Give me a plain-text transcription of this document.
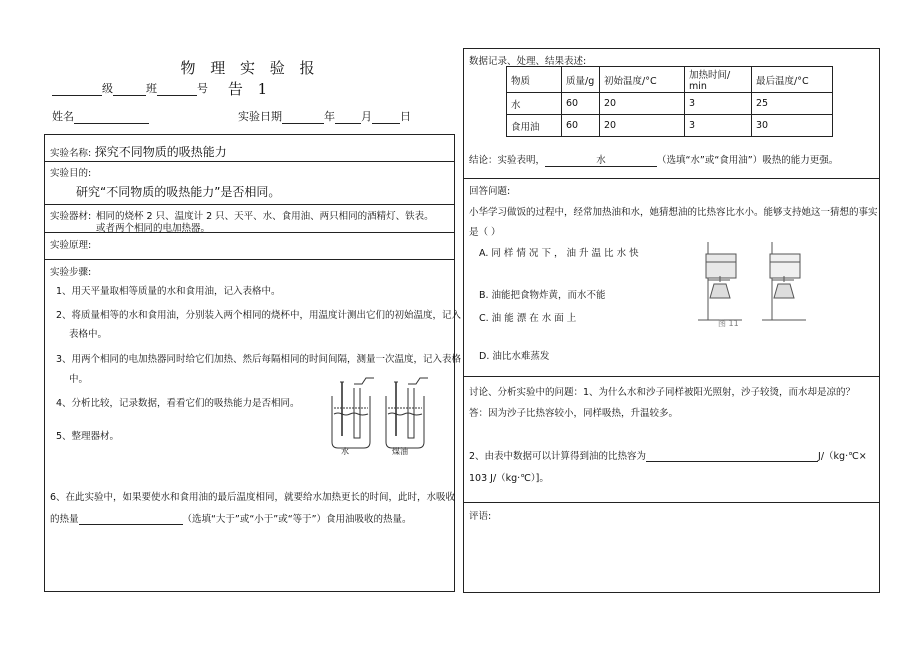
物 理 实 验 报 告 1
级	班	号
姓名	实验日期	年 月	日
实验名称: 探究不同物质的吸热能力
实验目的:
研究“不同物质的吸热能力”是否相同。
实验器材: 相同的烧杯 2 只、温度计 2 只、天平、水、食用油、两只相同的酒精灯、铁表。
或者两个相同的电加热器。
实验原理:
实验步骤:
1、用天平量取相等质量的水和食用油，记入表格中。
2、将质量相等的水和食用油，分别装入两个相同的烧杯中，用温度计测出它们的初始温度，记入
表格中。
3、用两个相同的电加热器同时给它们加热、然后每隔相同的时间间隔，测量一次温度，记入表格
中。
4、分析比较，记录数据，看看它们的吸热能力是否相同。
5、整理器材。
水	煤油
6、在此实验中，如果要使水和食用油的最后温度相同，就要给水加热更长的时间，此时，水吸收
的热量	（选填“大于”或“小于”或“等于”）食用油吸收的热量。
数据记录、处理、结果表述:
物质	质量/g	初始温度/°C	加热时间/ min	最后温度/°C
水	60	20	3	25
食用油	60	20	3	30
结论：实验表明，	水	（选填“水”或“食用油”）吸热的能力更强。
回答问题:
小华学习做饭的过程中，经常加热油和水，她猜想油的比热容比水小。能够支持她这一猜想的事实
是（ ）
A. 同 样 情 况 下 ， 油 升 温 比 水 快
B. 油能把食物炸黄，而水不能
C. 油 能 漂 在 水 面 上
D. 油比水难蒸发
图 11
讨论、分析实验中的问题：1、为什么水和沙子同样被阳光照射，沙子较烫，而水却是凉的？
答：因为沙子比热容较小，同样吸热，升温较多。
2、由表中数据可以计算得到油的比热容为	J/（kg·℃×
103 J/（kg·℃）]。
评语:
